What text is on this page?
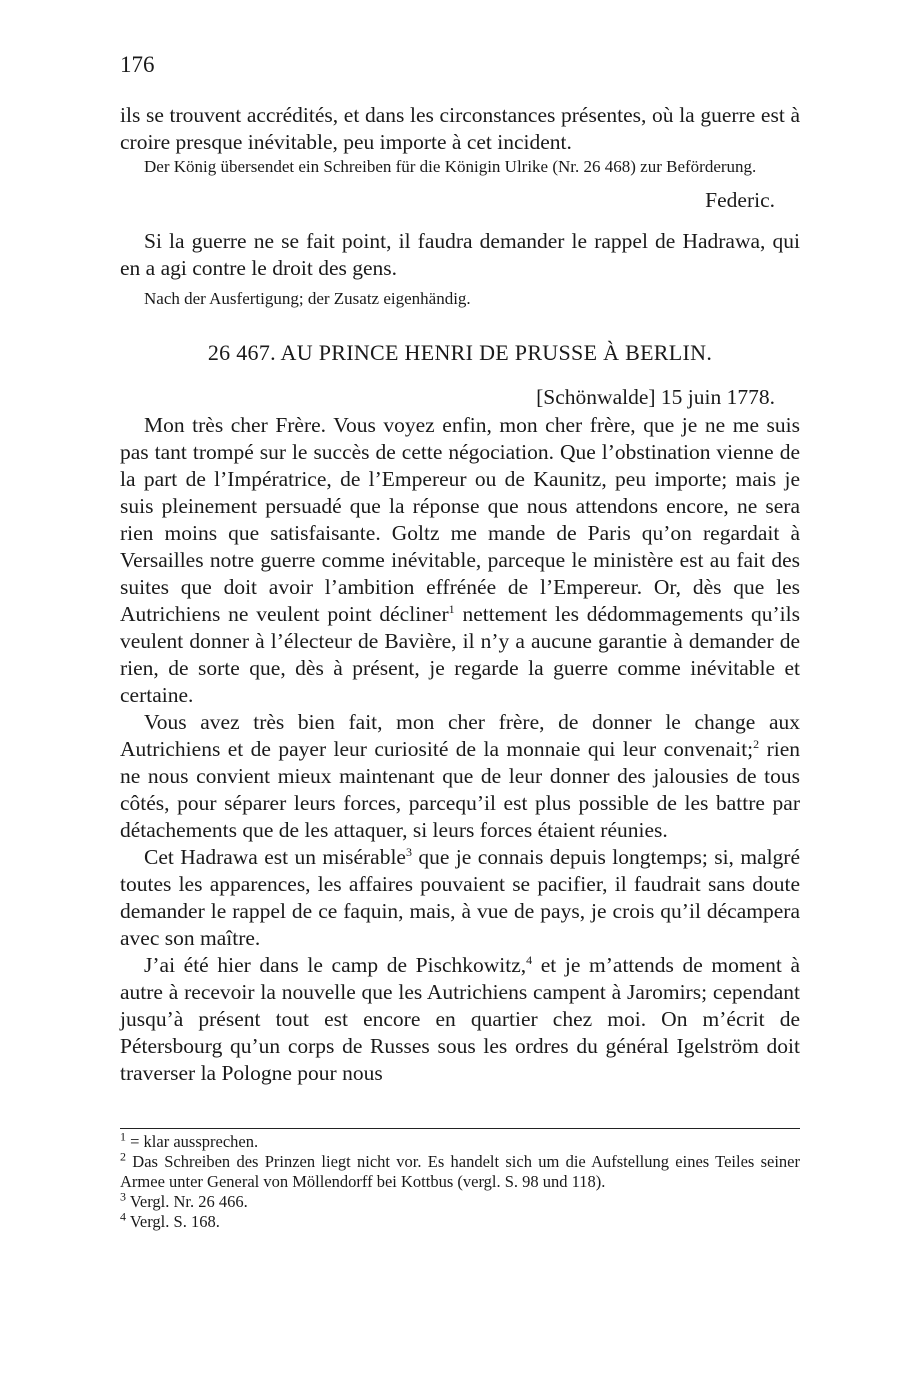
176
ils se trouvent accrédités, et dans les circonstances présentes, où la guerre est à croire presque inévitable, peu importe à cet incident.
Der König übersendet ein Schreiben für die Königin Ulrike (Nr. 26 468) zur Beförderung.
Federic.
Si la guerre ne se fait point, il faudra demander le rappel de Hadrawa, qui en a agi contre le droit des gens.
Nach der Ausfertigung; der Zusatz eigenhändig.
26 467. AU PRINCE HENRI DE PRUSSE À BERLIN.
[Schönwalde] 15 juin 1778.

Mon très cher Frère. Vous voyez enfin, mon cher frère, que je ne me suis pas tant trompé sur le succès de cette négociation. Que l’obstination vienne de la part de l’Impératrice, de l’Empereur ou de Kaunitz, peu importe; mais je suis pleinement persuadé que la réponse que nous attendons encore, ne sera rien moins que satisfaisante. Goltz me mande de Paris qu’on regardait à Versailles notre guerre comme inévitable, parceque le ministère est au fait des suites que doit avoir l’ambition effrénée de l’Empereur. Or, dès que les Autrichiens ne veulent point décliner$^1$ nettement les dédommagements qu’ils veulent donner à l’électeur de Bavière, il n’y a aucune garantie à demander de rien, de sorte que, dès à présent, je regarde la guerre comme inévitable et certaine.

Vous avez très bien fait, mon cher frère, de donner le change aux Autrichiens et de payer leur curiosité de la monnaie qui leur convenait;$^2$ rien ne nous convient mieux maintenant que de leur donner des jalousies de tous côtés, pour séparer leurs forces, parcequ’il est plus possible de les battre par détachements que de les attaquer, si leurs forces étaient réunies.

Cet Hadrawa est un misérable$^3$ que je connais depuis longtemps; si, malgré toutes les apparences, les affaires pouvaient se pacifier, il faudrait sans doute demander le rappel de ce faquin, mais, à vue de pays, je crois qu’il décampera avec son maître.

J’ai été hier dans le camp de Pischkowitz,$^4$ et je m’attends de moment à autre à recevoir la nouvelle que les Autrichiens campent à Jaromirs; cependant jusqu’à présent tout est encore en quartier chez moi. On m’écrit de Pétersbourg qu’un corps de Russes sous les ordres du général Igelström doit traverser la Pologne pour nous

$^1$ = klar aussprechen.

$^2$ Das Schreiben des Prinzen liegt nicht vor. Es handelt sich um die Aufstellung eines Teiles seiner Armee unter General von Möllendorff bei Kottbus (vergl. S. 98 und 118).

$^3$ Vergl. Nr. 26 466.

$^4$ Vergl. S. 168.
